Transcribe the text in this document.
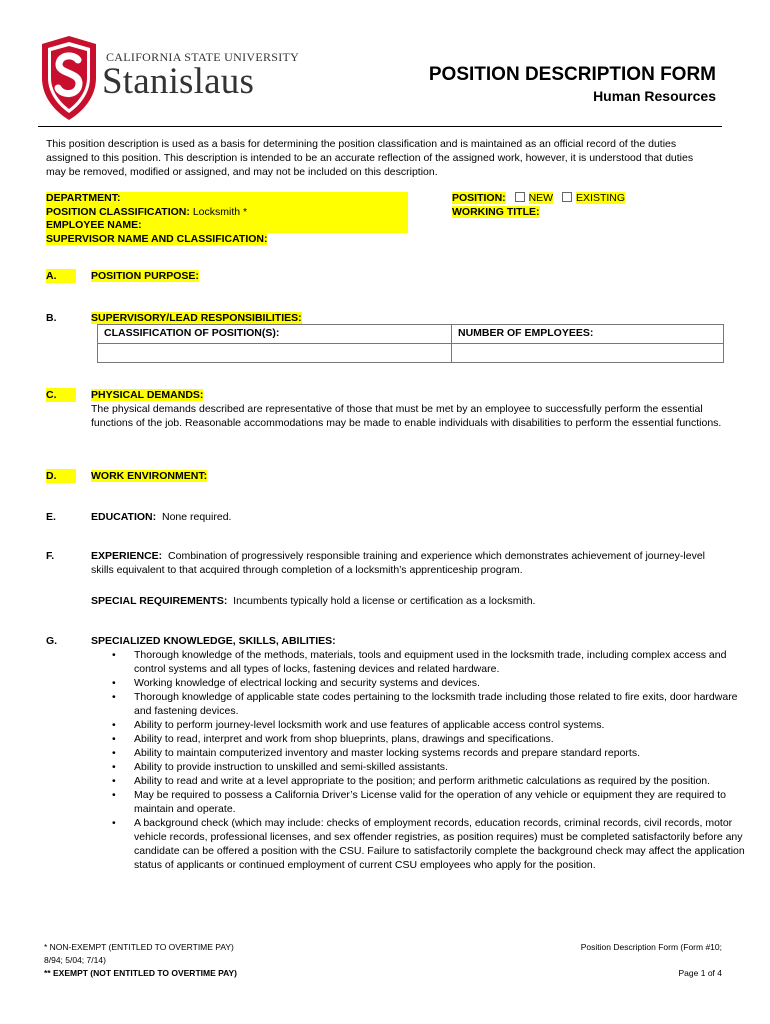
CALIFORNIA STATE UNIVERSITY
Stanislaus	POSITION DESCRIPTION FORM
Human Resources
This position description is used as a basis for determining the position classification and is maintained as an official record of the duties assigned to this position. This description is intended to be an accurate reflection of the assigned work, however, it is understood that duties may be removed, modified or assigned, and may not be included on this description.
DEPARTMENT:
POSITION CLASSIFICATION: Locksmith *
EMPLOYEE NAME:
SUPERVISOR NAME AND CLASSIFICATION:
POSITION: NEW EXISTING
WORKING TITLE:
A.	POSITION PURPOSE:
B.	SUPERVISORY/LEAD RESPONSIBILITIES:
CLASSIFICATION OF POSITION(S):	NUMBER OF EMPLOYEES:

C.	PHYSICAL DEMANDS:
The physical demands described are representative of those that must be met by an employee to successfully perform the essential functions of the job. Reasonable accommodations may be made to enable individuals with disabilities to perform the essential functions.
D.	WORK ENVIRONMENT:
E.	EDUCATION: None required.
F.	EXPERIENCE: Combination of progressively responsible training and experience which demonstrates achievement of journey-level skills equivalent to that acquired through completion of a locksmith’s apprenticeship program.
SPECIAL REQUIREMENTS: Incumbents typically hold a license or certification as a locksmith.
G.	SPECIALIZED KNOWLEDGE, SKILLS, ABILITIES:
• Thorough knowledge of the methods, materials, tools and equipment used in the locksmith trade, including complex access and control systems and all types of locks, fastening devices and related hardware.
• Working knowledge of electrical locking and security systems and devices.
• Thorough knowledge of applicable state codes pertaining to the locksmith trade including those related to fire exits, door hardware and fastening devices.
• Ability to perform journey-level locksmith work and use features of applicable access control systems.
• Ability to read, interpret and work from shop blueprints, plans, drawings and specifications.
• Ability to maintain computerized inventory and master locking systems records and prepare standard reports.
• Ability to provide instruction to unskilled and semi-skilled assistants.
• Ability to read and write at a level appropriate to the position; and perform arithmetic calculations as required by the position.
• May be required to possess a California Driver’s License valid for the operation of any vehicle or equipment they are required to maintain and operate.
• A background check (which may include: checks of employment records, education records, criminal records, civil records, motor vehicle records, professional licenses, and sex offender registries, as position requires) must be completed satisfactorily before any candidate can be offered a position with the CSU. Failure to satisfactorily complete the background check may affect the application status of applicants or continued employment of current CSU employees who apply for the position.
* NON-EXEMPT (ENTITLED TO OVERTIME PAY)
8/94; 5/04; 7/14)
** EXEMPT (NOT ENTITLED TO OVERTIME PAY)
Position Description Form (Form #10;
Page 1 of 4
